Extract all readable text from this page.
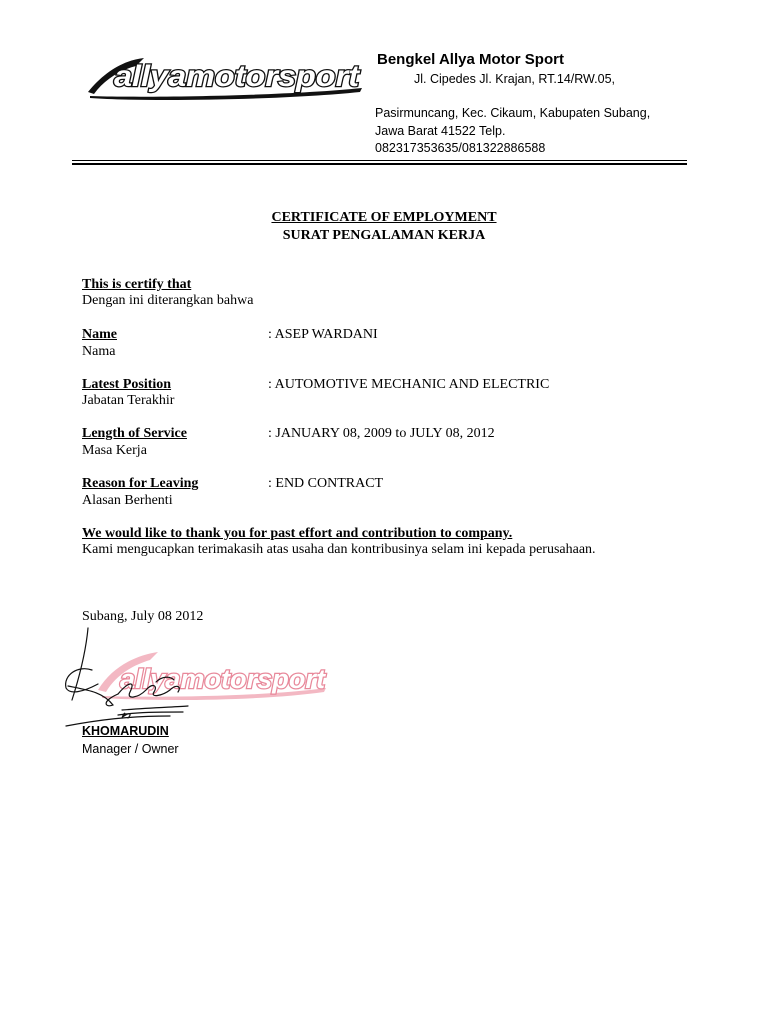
allyamotorsport
Bengkel Allya Motor Sport
Jl. Cipedes Jl. Krajan, RT.14/RW.05,
Pasirmuncang, Kec. Cikaum, Kabupaten Subang,
Jawa Barat 41522 Telp.
082317353635/081322886588
CERTIFICATE OF EMPLOYMENT
SURAT PENGALAMAN KERJA
This is certify that
Dengan ini diterangkan bahwa
Name
Nama
: ASEP WARDANI
Latest Position
Jabatan Terakhir
: AUTOMOTIVE MECHANIC AND ELECTRIC
Length of Service
Masa Kerja
: JANUARY 08, 2009 to JULY 08, 2012
Reason for Leaving
Alasan Berhenti
: END CONTRACT
We would like to thank you for past effort and contribution to company.
Kami mengucapkan terimakasih atas usaha dan kontribusinya selam ini kepada perusahaan.
Subang, July 08 2012
allyamotorsport
KHOMARUDIN
Manager / Owner
